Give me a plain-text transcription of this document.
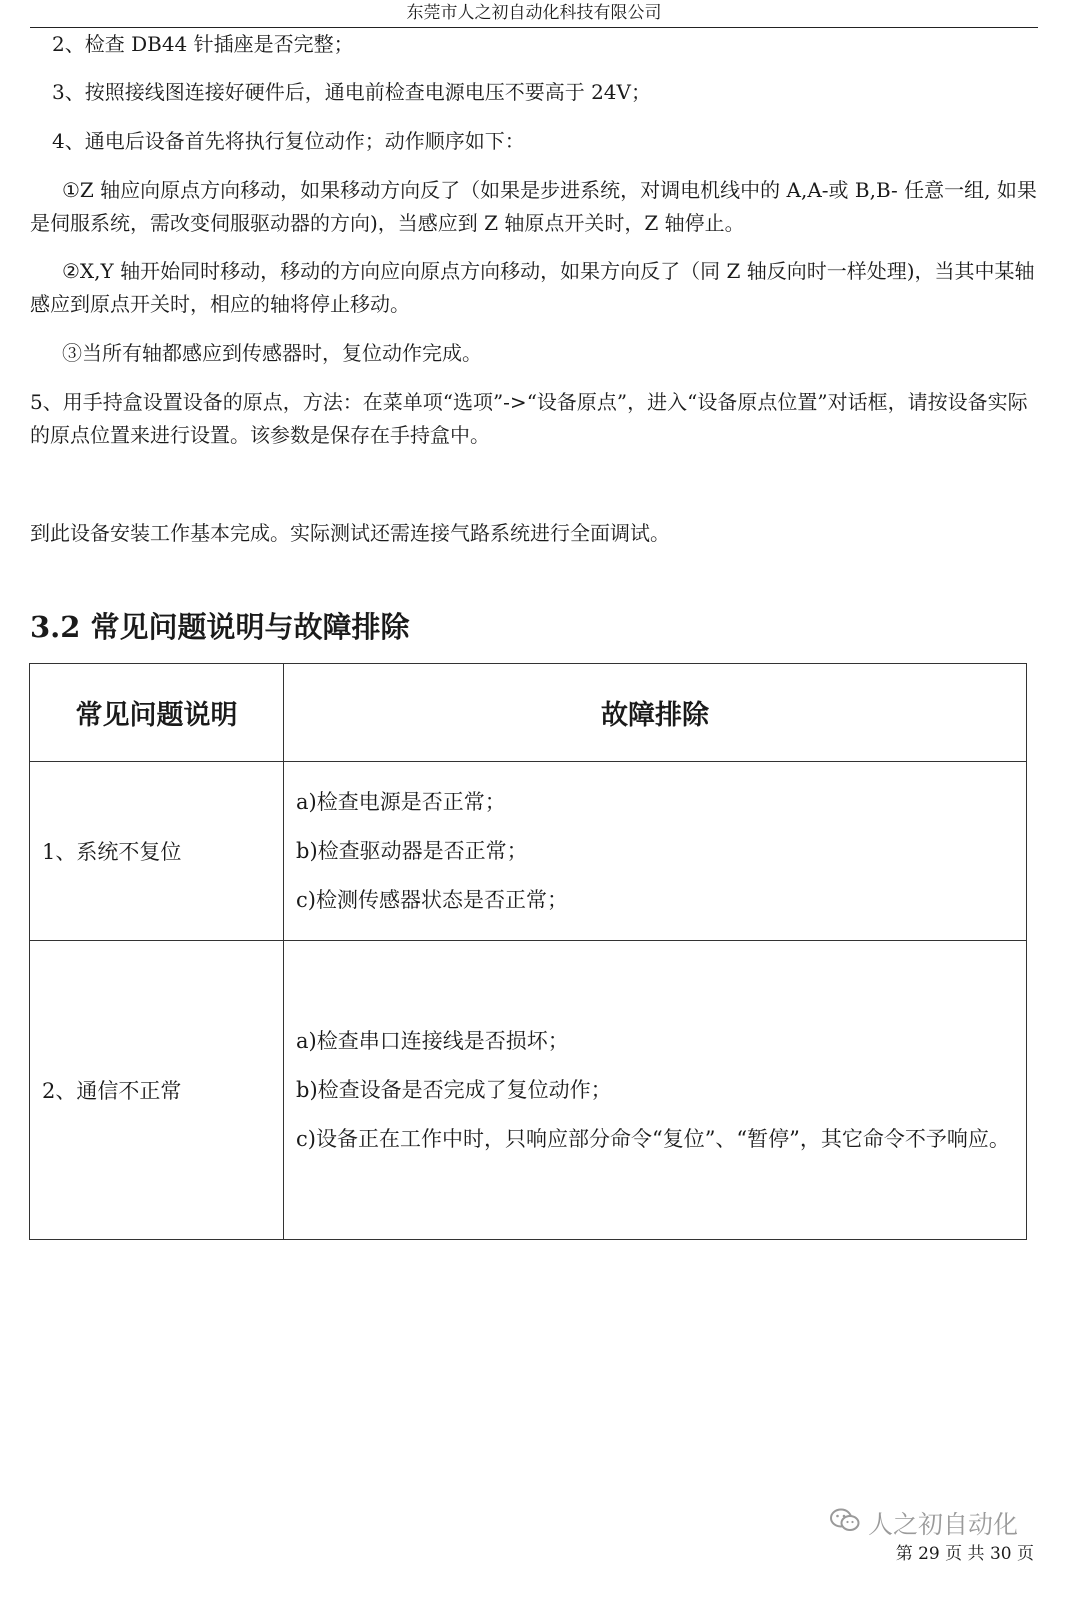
东莞市人之初自动化科技有限公司

2、检查 DB44 针插座是否完整；

3、按照接线图连接好硬件后，通电前检查电源电压不要高于 24V；

4、通电后设备首先将执行复位动作；动作顺序如下：

①Z 轴应向原点方向移动，如果移动方向反了（如果是步进系统，对调电机线中的 A,A-或 B,B- 任意一组, 如果是伺服系统，需改变伺服驱动器的方向)，当感应到 Z 轴原点开关时，Z 轴停止。

②X,Y 轴开始同时移动，移动的方向应向原点方向移动，如果方向反了（同 Z 轴反向时一样处理)，当其中某轴感应到原点开关时，相应的轴将停止移动。

③当所有轴都感应到传感器时，复位动作完成。

5、用手持盒设置设备的原点，方法：在菜单项“选项”->“设备原点”，进入“设备原点位置”对话框，请按设备实际的原点位置来进行设置。该参数是保存在手持盒中。

到此设备安装工作基本完成。实际测试还需连接气路系统进行全面调试。

3.2 常见问题说明与故障排除
常见问题说明	故障排除
1、系统不复位	a)检查电源是否正常；
b)检查驱动器是否正常；
c)检测传感器状态是否正常；

2、通信不正常	a)检查串口连接线是否损坏；
b)检查设备是否完成了复位动作；
c)设备正在工作中时，只响应部分命令“复位”、“暂停”，其它命令不予响应。
人之初自动化
第 29 页 共 30 页
